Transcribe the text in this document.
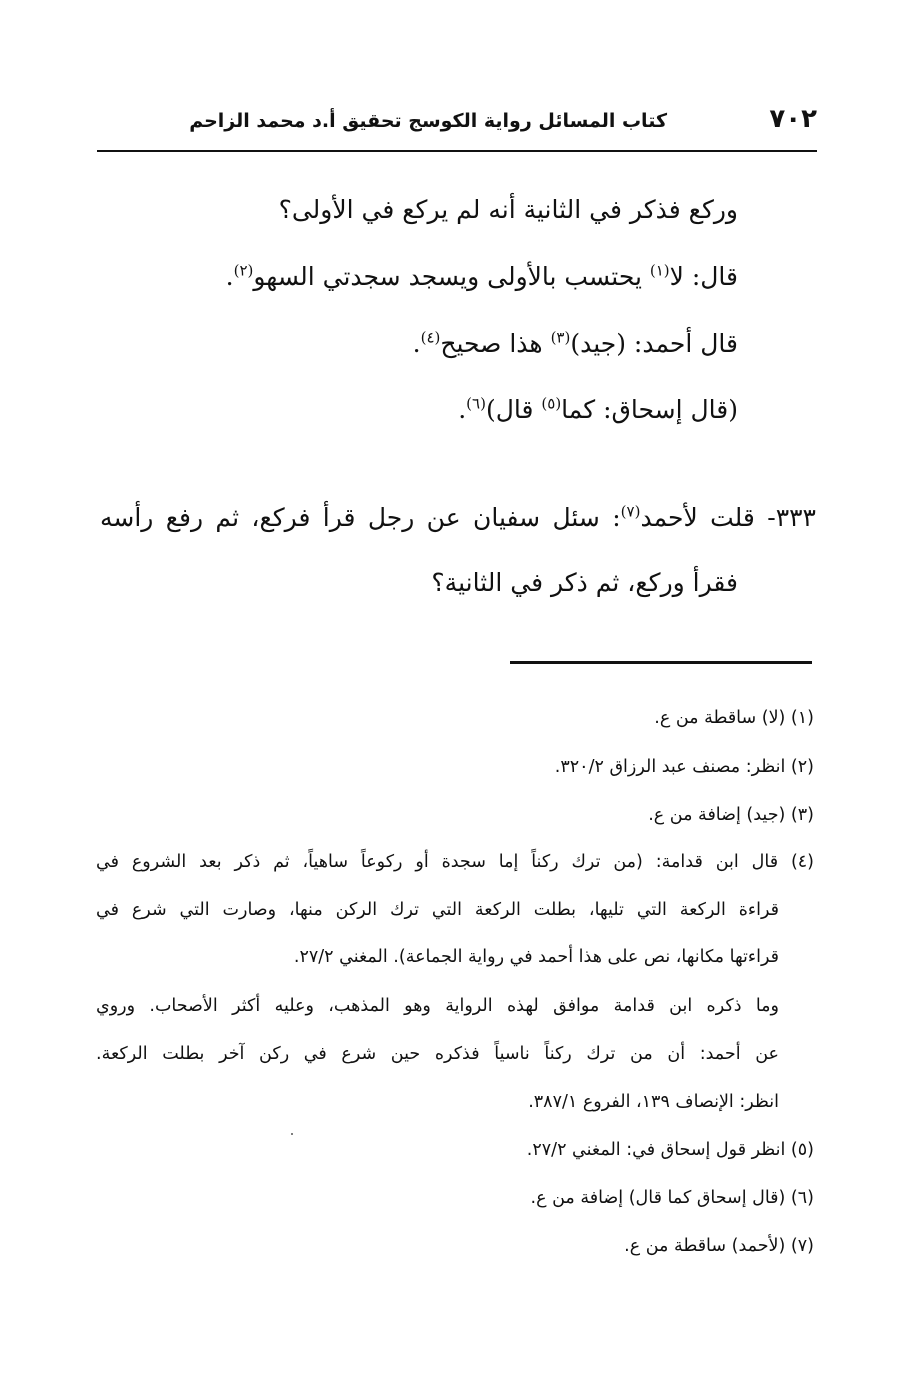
٧٠٢
كتاب المسائل رواية الكوسج تحقيق أ.د محمد الزاحم
وركع فذكر في الثانية أنه لم يركع في الأولى؟
قال: لا$^{(١)}$ يحتسب بالأولى ويسجد سجدتي السهو$^{(٢)}$.
قال أحمد: (جيد)$^{(٣)}$ هذا صحيح$^{(٤)}$.
(قال إسحاق: كما$^{(٥)}$ قال)$^{(٦)}$.
٣٣٣- قلت لأحمد$^{(٧)}$: سئل سفيان عن رجل قرأ فركع، ثم رفع رأسه
فقرأ وركع، ثم ذكر في الثانية؟
(١) (لا) ساقطة من ع.
(٢) انظر: مصنف عبد الرزاق ٣٢٠/٢.
(٣) (جيد) إضافة من ع.
(٤) قال ابن قدامة: (من ترك ركناً إما سجدة أو ركوعاً ساهياً، ثم ذكر بعد الشروع في
قراءة الركعة التي تليها، بطلت الركعة التي ترك الركن منها، وصارت التي شرع في
قراءتها مكانها، نص على هذا أحمد في رواية الجماعة). المغني ٢٧/٢.
وما ذكره ابن قدامة موافق لهذه الرواية وهو المذهب، وعليه أكثر الأصحاب. وروي
عن أحمد: أن من ترك ركناً ناسياً فذكره حين شرع في ركن آخر بطلت الركعة.
انظر: الإنصاف ١٣٩، الفروع ٣٨٧/١.
(٥) انظر قول إسحاق في: المغني ٢٧/٢.
(٦) (قال إسحاق كما قال) إضافة من ع.
(٧) (لأحمد) ساقطة من ع.
